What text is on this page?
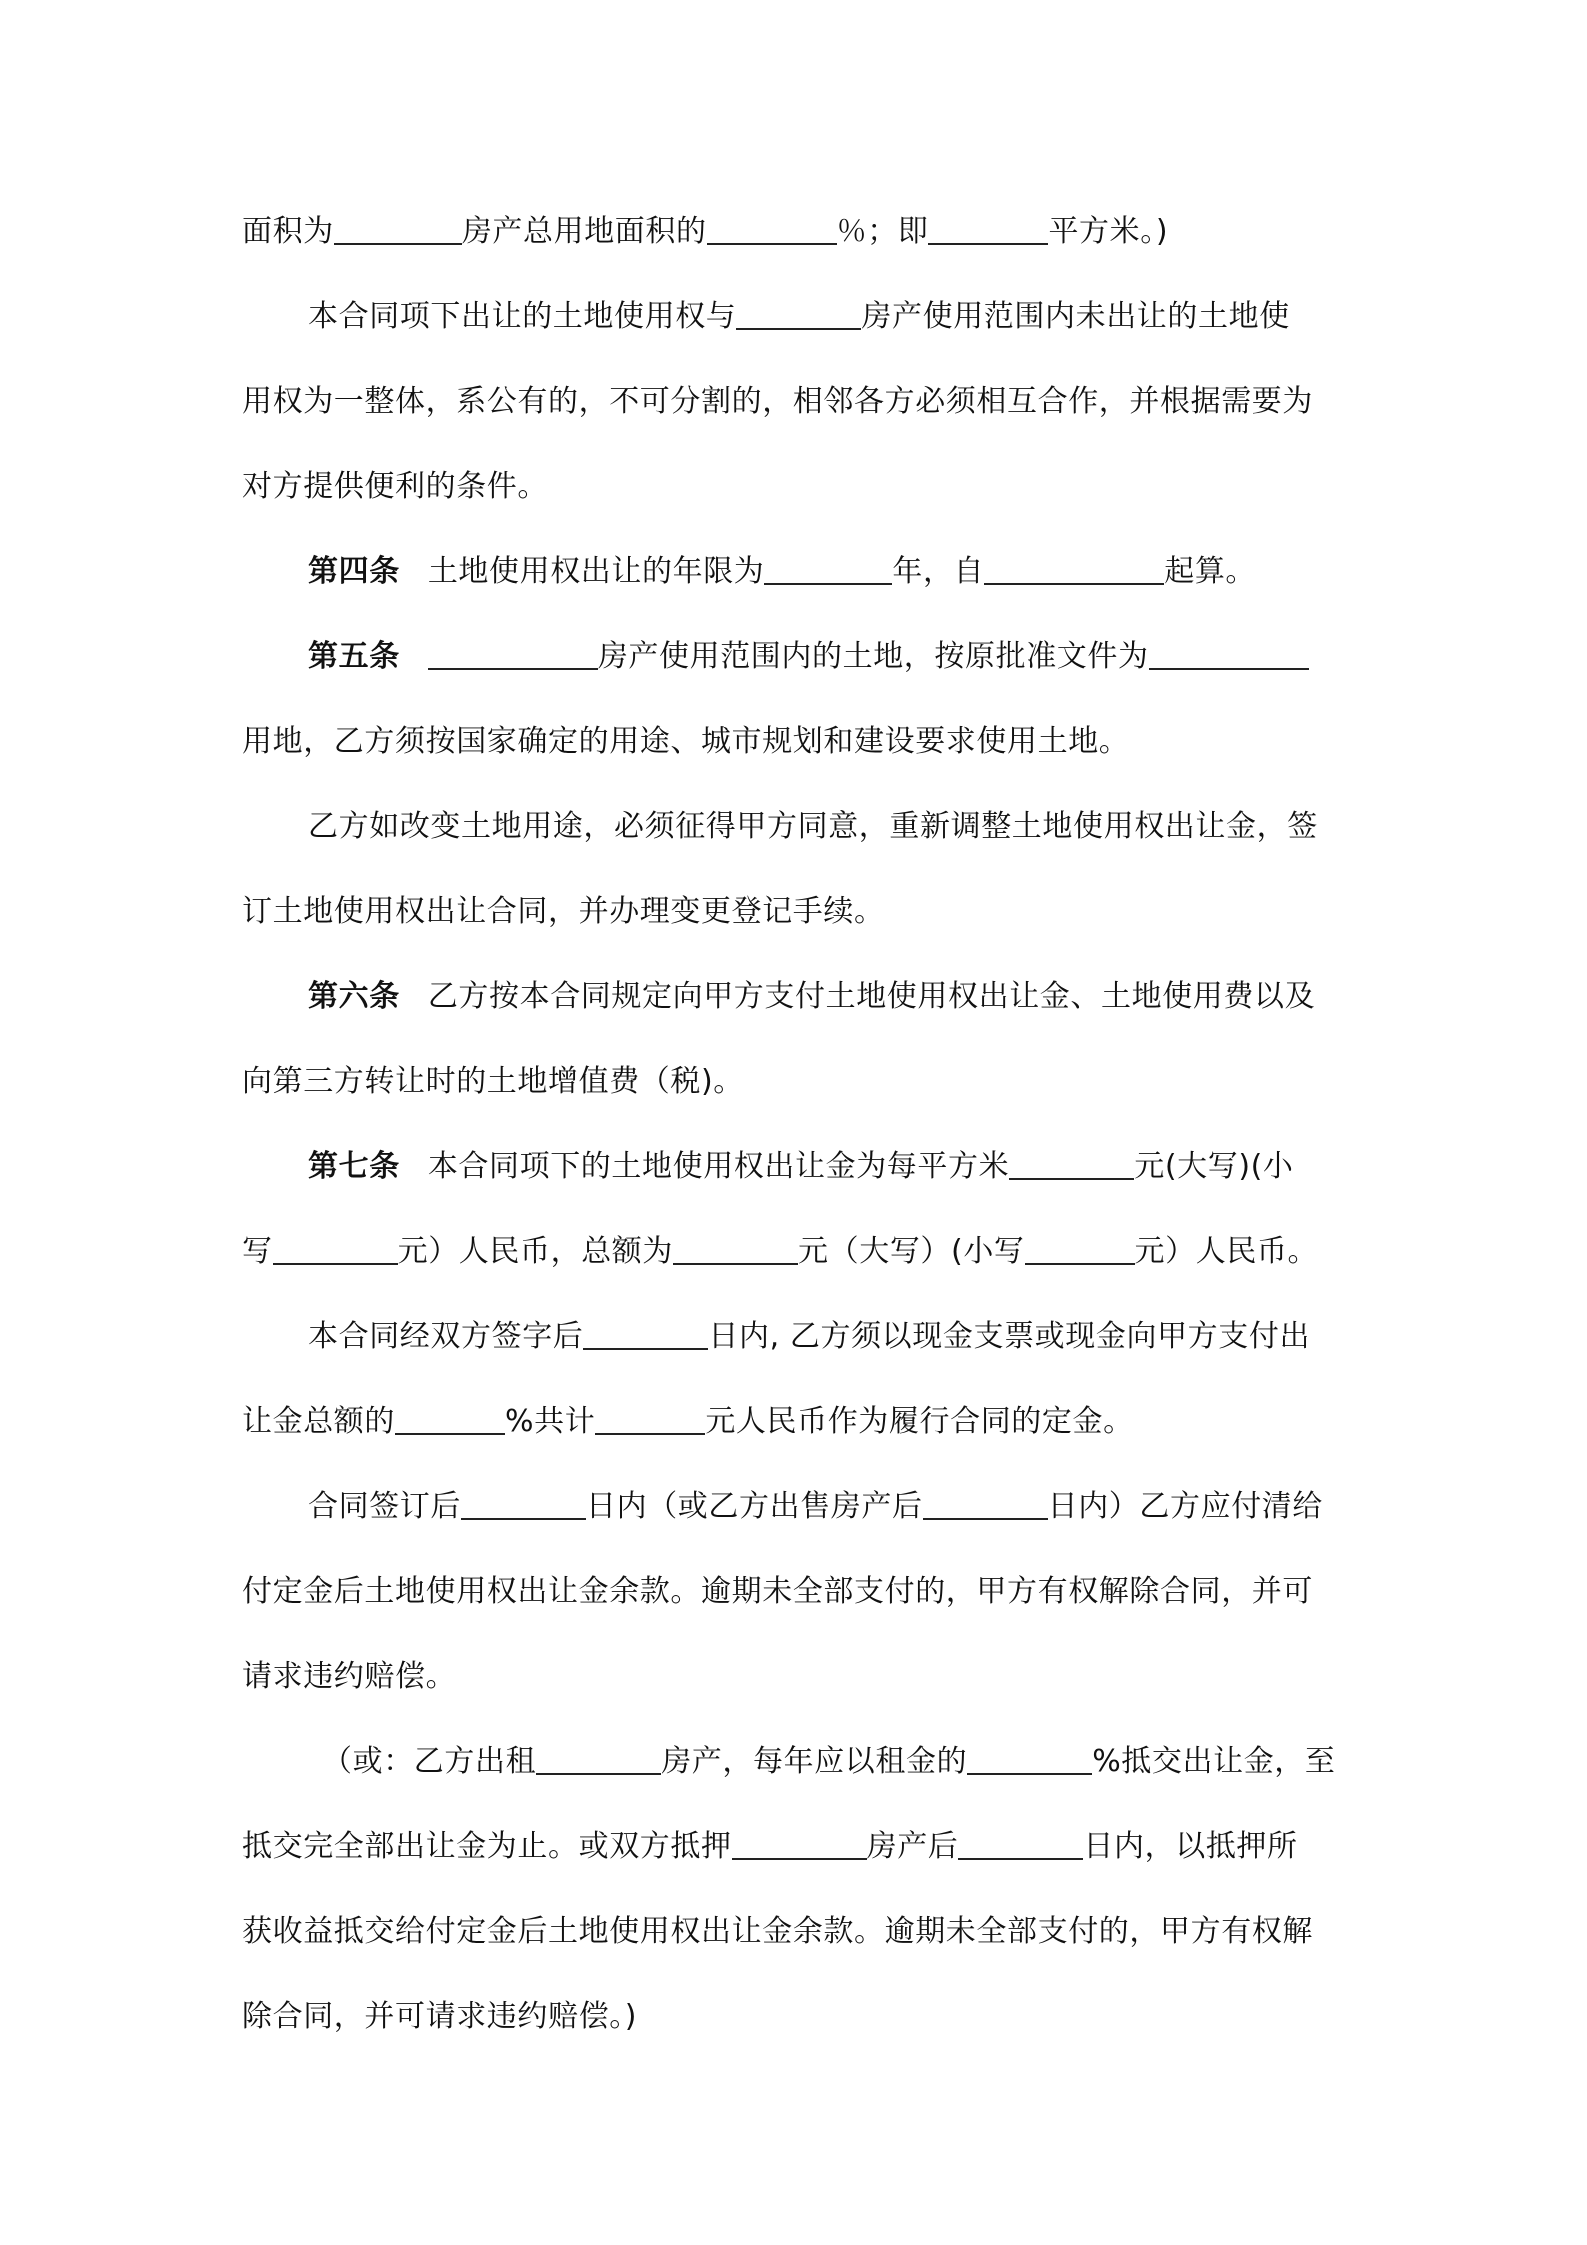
面积为	房产总用地面积的	％；即	平方米。)
本合同项下出让的土地使用权与	房产使用范围内未出让的土地使
用权为一整体，系公有的，不可分割的，相邻各方必须相互合作，并根据需要为
对方提供便利的条件。
第四条 土地使用权出让的年限为	年，自	起算。
第五条	房产使用范围内的土地，按原批准文件为
用地，乙方须按国家确定的用途、城市规划和建设要求使用土地。
乙方如改变土地用途，必须征得甲方同意，重新调整土地使用权出让金，签
订土地使用权出让合同，并办理变更登记手续。
第六条 乙方按本合同规定向甲方支付土地使用权出让金、土地使用费以及
向第三方转让时的土地增值费（税)。
第七条 本合同项下的土地使用权出让金为每平方米	元(大写)(小
写	元）人民币，总额为	元（大写）(小写	元）人民币。
本合同经双方签字后	日内, 乙方须以现金支票或现金向甲方支付出
让金总额的	%共计	元人民币作为履行合同的定金。
合同签订后	日内（或乙方出售房产后	日内）乙方应付清给
付定金后土地使用权出让金余款。逾期未全部支付的，甲方有权解除合同，并可
请求违约赔偿。
（或：乙方出租	房产，每年应以租金的	%抵交出让金，至
抵交完全部出让金为止。或双方抵押	房产后	日内，以抵押所
获收益抵交给付定金后土地使用权出让金余款。逾期未全部支付的，甲方有权解
除合同，并可请求违约赔偿。)
